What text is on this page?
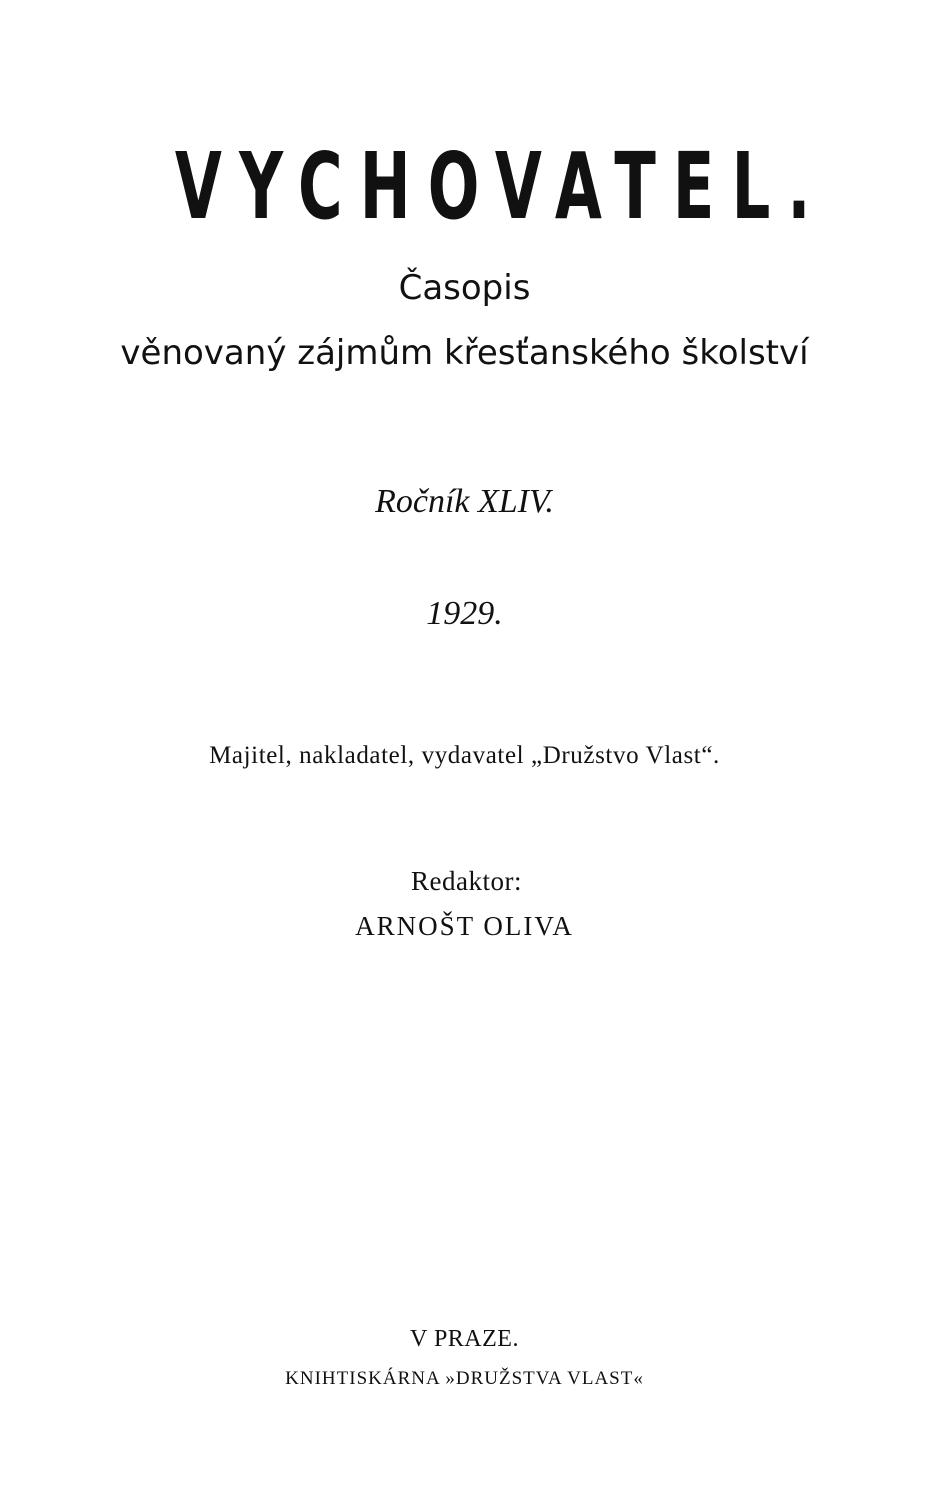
VYCHOVATEL.
Časopis
věnovaný zájmům křesťanského školství
Ročník XLIV.
1929.
Majitel, nakladatel, vydavatel „Družstvo Vlast“.
Redaktor:
ARNOŠT OLIVA
V PRAZE.
KNIHTISKÁRNA »DRUŽSTVA VLAST«
